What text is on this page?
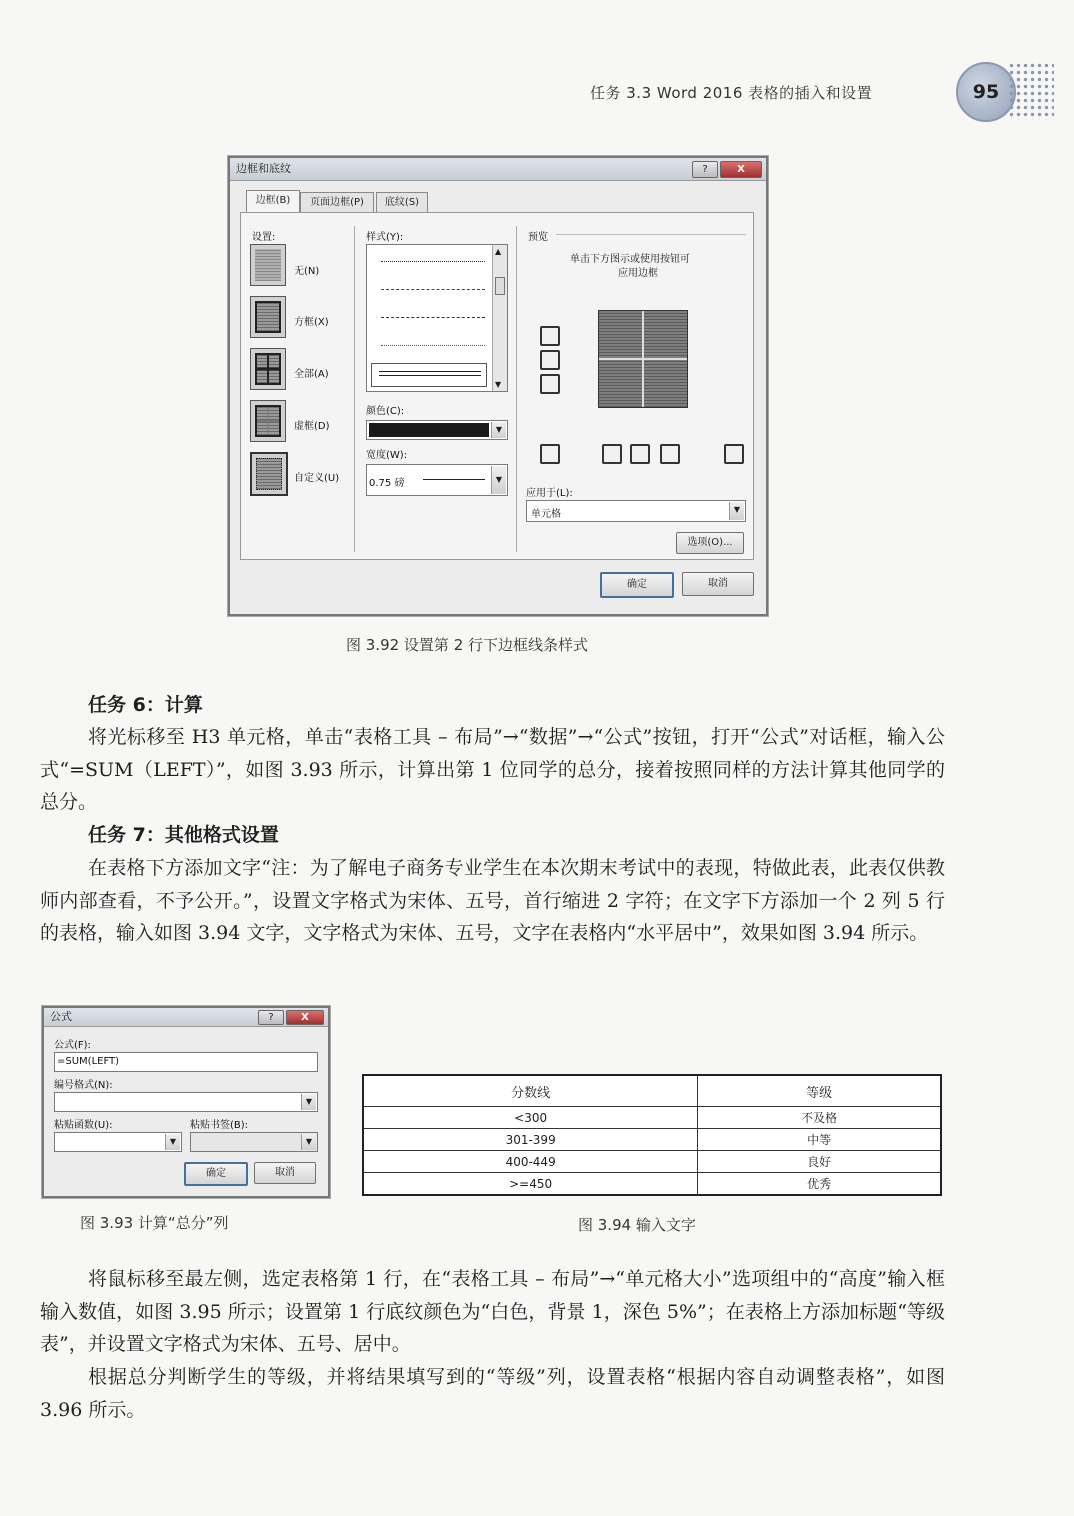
任务 3.3 Word 2016 表格的插入和设置	95
边框和底纹	?	X
边框(B)	页面边框(P)	底纹(S)
设置:
无(N)
方框(X)
全部(A)
虚框(D)
自定义(U)
样式(Y):
▲
▼
颜色(C):
▼
宽度(W):
0.75 磅	▼
预览
单击下方图示或使用按钮可
应用边框
应用于(L):
单元格	▼
选项(O)...
确定	取消
图 3.92 设置第 2 行下边框线条样式
任务 6：计算

将光标移至 H3 单元格，单击“表格工具 – 布局”→“数据”→“公式”按钮，打开“公式”对话框，输入公式“=SUM（LEFT）”，如图 3.93 所示，计算出第 1 位同学的总分，接着按照同样的方法计算其他同学的总分。

任务 7：其他格式设置

在表格下方添加文字“注：为了解电子商务专业学生在本次期末考试中的表现，特做此表，此表仅供教师内部查看，不予公开。”，设置文字格式为宋体、五号，首行缩进 2 字符；在文字下方添加一个 2 列 5 行的表格，输入如图 3.94 文字，文字格式为宋体、五号，文字在表格内“水平居中”，效果如图 3.94 所示。

公式	?	X
公式(F):
=SUM(LEFT)
编号格式(N):
▼
粘贴函数(U):	粘贴书签(B):
▼	▼
确定	取消
图 3.93 计算“总分”列
分数线	等级
<300	不及格
301-399	中等
400-449	良好
>=450	优秀
图 3.94 输入文字

将鼠标移至最左侧，选定表格第 1 行，在“表格工具 – 布局”→“单元格大小”选项组中的“高度”输入框输入数值，如图 3.95 所示；设置第 1 行底纹颜色为“白色，背景 1，深色 5%”；在表格上方添加标题“等级表”，并设置文字格式为宋体、五号、居中。

根据总分判断学生的等级，并将结果填写到的“等级”列，设置表格“根据内容自动调整表格”，如图 3.96 所示。
